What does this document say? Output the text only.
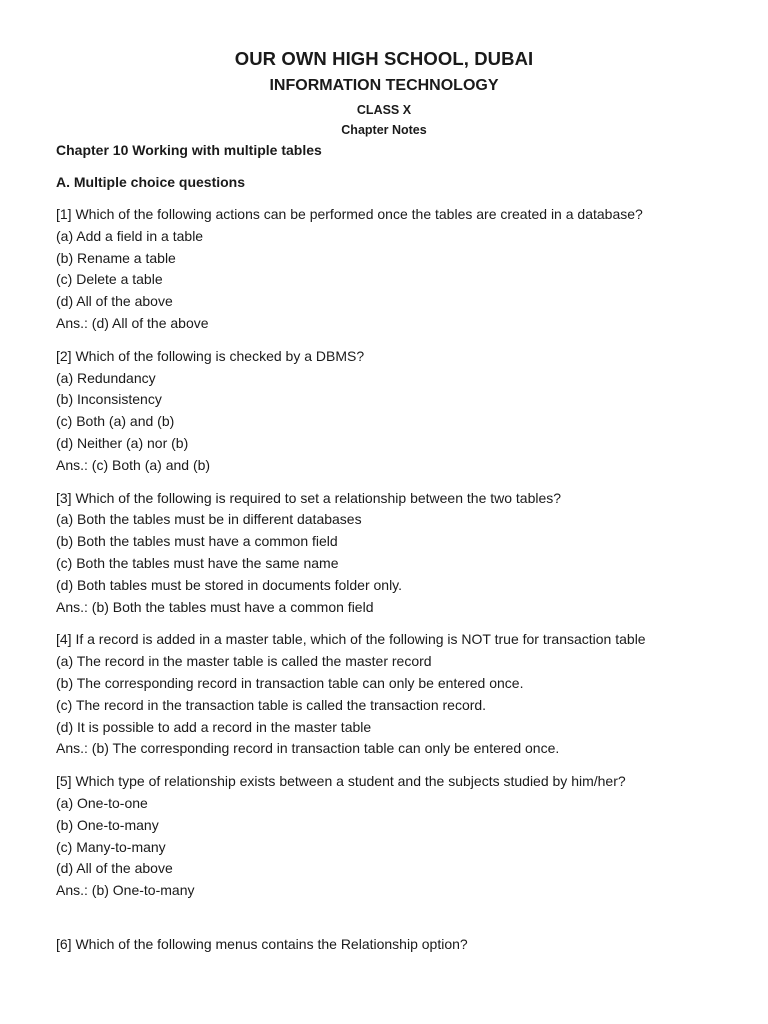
OUR OWN HIGH SCHOOL, DUBAI
INFORMATION TECHNOLOGY
CLASS X
Chapter Notes
Chapter 10 Working with multiple tables
A. Multiple choice questions
[1] Which of the following actions can be performed once the tables are created in a database?
(a) Add a field in a table
(b) Rename a table
(c) Delete a table
(d) All of the above
Ans.: (d) All of the above
[2] Which of the following is checked by a DBMS?
(a) Redundancy
(b) Inconsistency
(c) Both (a) and (b)
(d) Neither (a) nor (b)
Ans.: (c) Both (a) and (b)
[3] Which of the following is required to set a relationship between the two tables?
(a) Both the tables must be in different databases
(b) Both the tables must have a common field
(c) Both the tables must have the same name
(d) Both tables must be stored in documents folder only.
Ans.: (b) Both the tables must have a common field
[4] If a record is added in a master table, which of the following is NOT true for transaction table
(a) The record in the master table is called the master record
(b) The corresponding record in transaction table can only be entered once.
(c) The record in the transaction table is called the transaction record.
(d) It is possible to add a record in the master table
Ans.: (b) The corresponding record in transaction table can only be entered once.
[5] Which type of relationship exists between a student and the subjects studied by him/her?
(a) One-to-one
(b) One-to-many
(c) Many-to-many
(d) All of the above
Ans.: (b) One-to-many
[6] Which of the following menus contains the Relationship option?
